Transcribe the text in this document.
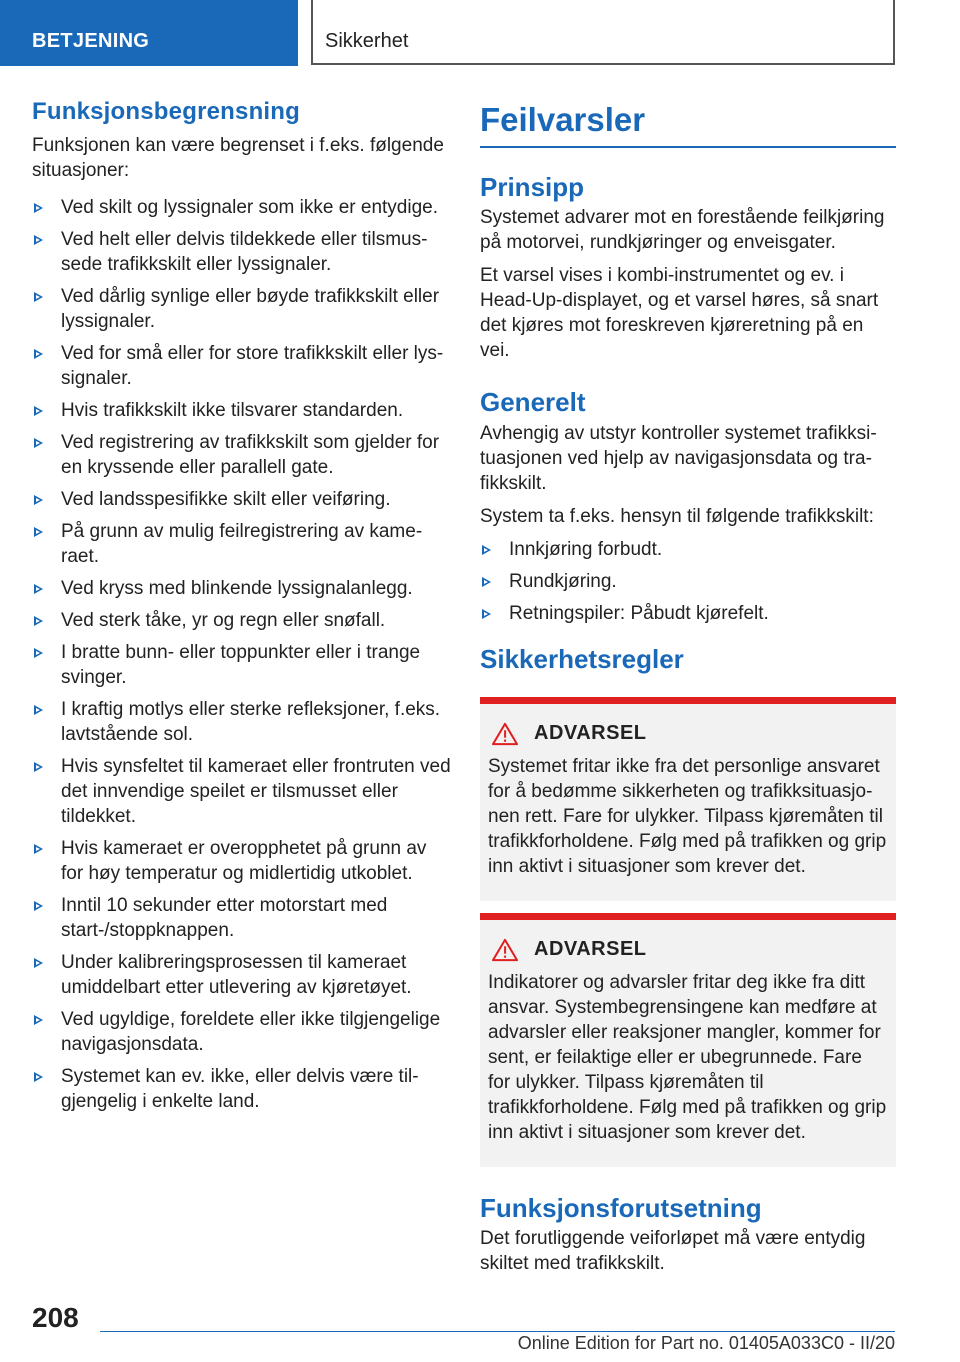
BETJENING	Sikkerhet
Funksjonsbegrensning

Funksjonen kan være begrenset i f.eks. følgende situasjoner:

Ved skilt og lyssignaler som ikke er entydige.
Ved helt eller delvis tildekkede eller tilsmussede trafikkskilt eller lyssignaler.
Ved dårlig synlige eller bøyde trafikkskilt eller lyssignaler.
Ved for små eller for store trafikkskilt eller lyssignaler.
Hvis trafikkskilt ikke tilsvarer standarden.
Ved registrering av trafikkskilt som gjelder for en kryssende eller parallell gate.
Ved landsspesifikke skilt eller veiføring.
På grunn av mulig feilregistrering av kameraet.
Ved kryss med blinkende lyssignalanlegg.
Ved sterk tåke, yr og regn eller snøfall.
I bratte bunn- eller toppunkter eller i trange svinger.
I kraftig motlys eller sterke refleksjoner, f.eks. lavtstående sol.
Hvis synsfeltet til kameraet eller frontruten ved det innvendige speilet er tilsmusset eller tildekket.
Hvis kameraet er overopphetet på grunn av for høy temperatur og midlertidig utkoblet.
Inntil 10 sekunder etter motorstart med start-/stoppknappen.
Under kalibreringsprosessen til kameraet umiddelbart etter utlevering av kjøretøyet.
Ved ugyldige, foreldete eller ikke tilgjengelige navigasjonsdata.
Systemet kan ev. ikke, eller delvis være tilgjengelig i enkelte land.
Feilvarsler
Prinsipp

Systemet advarer mot en forestående feilkjøring på motorvei, rundkjøringer og enveisgater.

Et varsel vises i kombi-instrumentet og ev. i Head-Up-displayet, og et varsel høres, så snart det kjøres mot foreskreven kjøreretning på en vei.

Generelt

Avhengig av utstyr kontroller systemet trafikksituasjonen ved hjelp av navigasjonsdata og trafikkskilt.

System ta f.eks. hensyn til følgende trafikkskilt:

Innkjøring forbudt.
Rundkjøring.
Retningspiler: Påbudt kjørefelt.
Sikkerhetsregler
ADVARSEL

Systemet fritar ikke fra det personlige ansvaret for å bedømme sikkerheten og trafikksituasjonen rett. Fare for ulykker. Tilpass kjøremåten til trafikkforholdene. Følg med på trafikken og grip inn aktivt i situasjoner som krever det.

ADVARSEL

Indikatorer og advarsler fritar deg ikke fra ditt ansvar. Systembegrensingene kan medføre at advarsler eller reaksjoner mangler, kommer for sent, er feilaktige eller er ubegrunnede. Fare for ulykker. Tilpass kjøremåten til trafikkforholdene. Følg med på trafikken og grip inn aktivt i situasjoner som krever det.

Funksjonsforutsetning

Det forutliggende veiforløpet må være entydig skiltet med trafikkskilt.

208
Online Edition for Part no. 01405A033C0 - II/20
